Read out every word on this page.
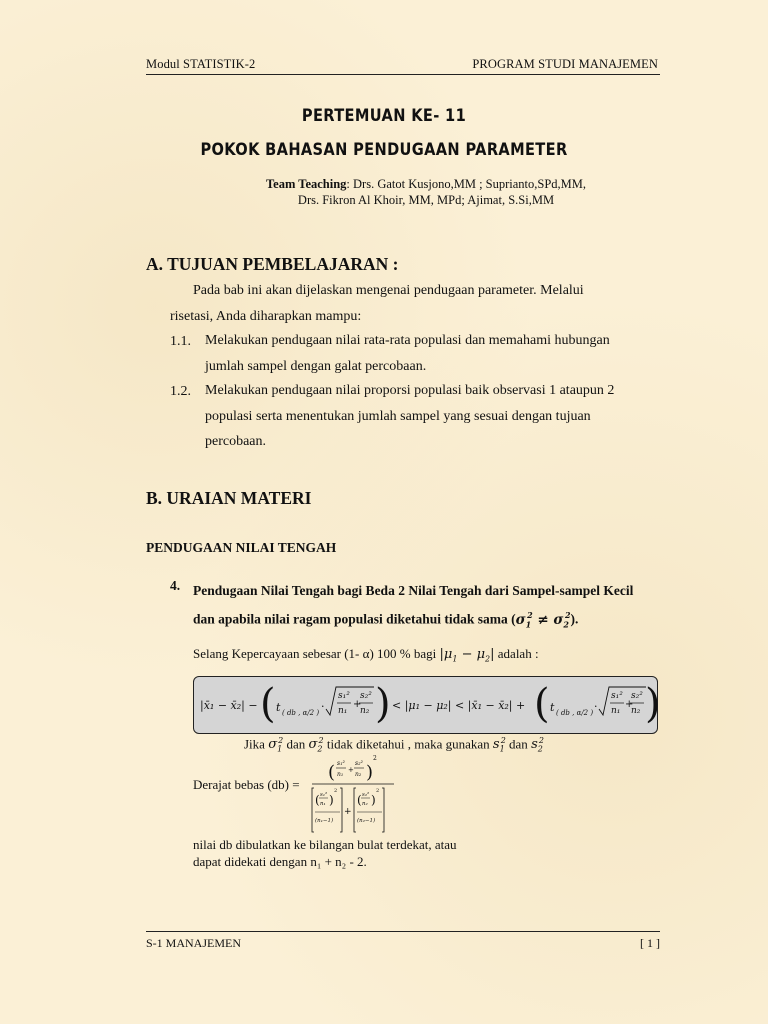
Modul STATISTIK-2	PROGRAM STUDI MANAJEMEN
PERTEMUAN KE- 11
POKOK BAHASAN PENDUGAAN PARAMETER
Team Teaching: Drs. Gatot Kusjono,MM ; Suprianto,SPd,MM,
Drs. Fikron Al Khoir, MM, MPd; Ajimat, S.Si,MM
A. TUJUAN PEMBELAJARAN :
Pada bab ini akan dijelaskan mengenai pendugaan parameter. Melalui
risetasi, Anda diharapkan mampu:
1.1. Melakukan pendugaan nilai rata-rata populasi dan memahami hubungan
jumlah sampel dengan galat percobaan.
1.2. Melakukan pendugaan nilai proporsi populasi baik observasi 1 ataupun 2
populasi serta menentukan jumlah sampel yang sesuai dengan tujuan
percobaan.
B. URAIAN MATERI
PENDUGAAN NILAI TENGAH
4. Pendugaan Nilai Tengah bagi Beda 2 Nilai Tengah dari Sampel-sampel Kecil
dan apabila nilai ragam populasi diketahui tidak sama $(\sigma_1^2 \ne \sigma_2^2)$.
Selang Kepercayaan sebesar (1- α) 100 % bagi $|\mu_1 - \mu_2|$ adalah :
|x̄₁ − x̄₂| − ( t ( db , α/2 ) ·
s₁²
n₁
+
s₂²
n₂ ) < |μ₁ − μ₂| < |x̄₁ − x̄₂| + ( t ( db , α/2 ) ·
s₁²
n₁
+
s₂²
n₂ )
Jika $\sigma_1^2$ dan $\sigma_2^2$ tidak diketahui , maka gunakan $s_1^2$ dan $s_2^2$
Derajat bebas (db) =
( s₁²
n₁
+
s₂²
n₂ )
2
( s₁²
n₁ )
2
(n₁−1)
+
( s₂²
n₂ )
2
(n₂−1)
nilai db dibulatkan ke bilangan bulat terdekat, atau
dapat didekati dengan n₁ + n₂ - 2.
S-1 MANAJEMEN	[ 1 ]
